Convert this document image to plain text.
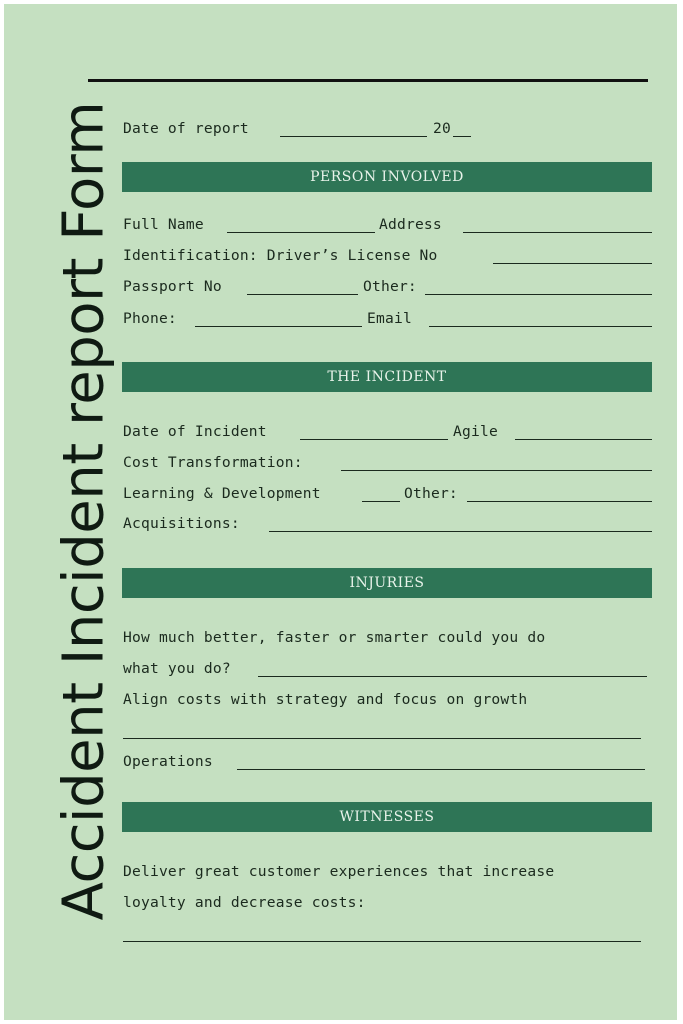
Accident Incident report Form Date of report	20
PERSON INVOLVED
Full Name	Address
Identification: Driver’s License No
Passport No	Other:
Phone:	Email
THE INCIDENT
Date of Incident	Agile
Cost Transformation:
Learning & Development	Other:
Acquisitions:
INJURIES
How much better, faster or smarter could you do
what you do?
Align costs with strategy and focus on growth
Operations
WITNESSES
Deliver great customer experiences that increase
loyalty and decrease costs:
